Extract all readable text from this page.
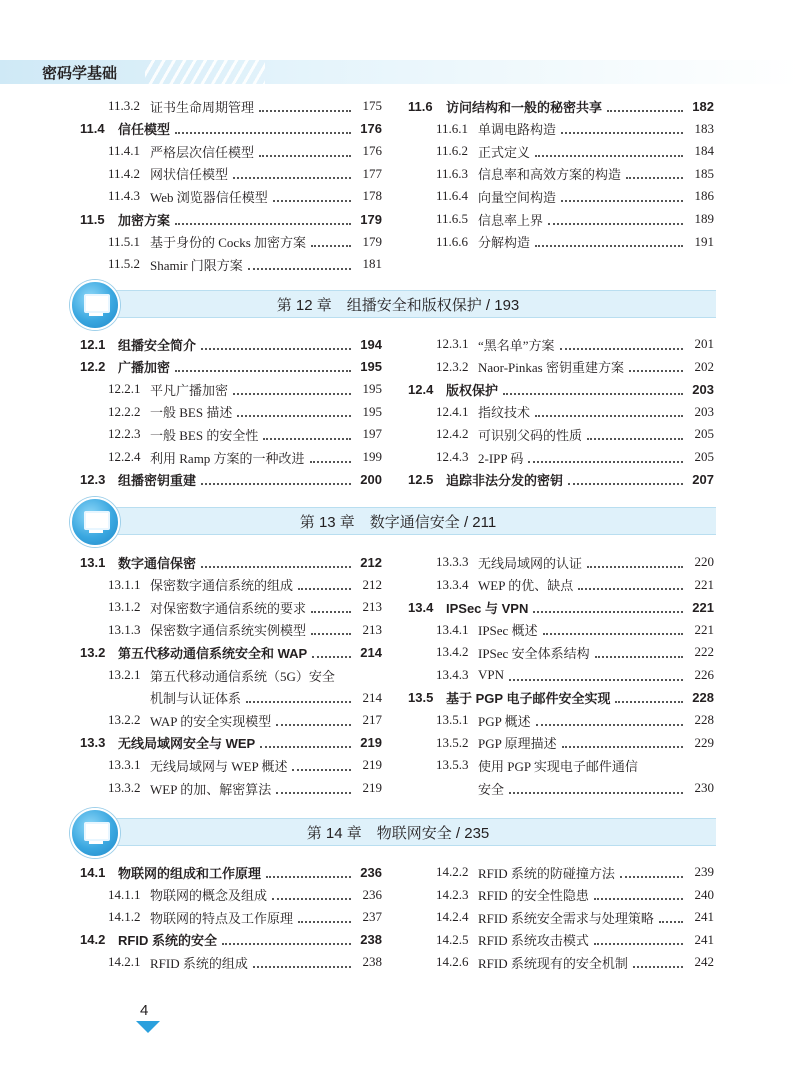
密码学基础
11.3.2 证书生命周期管理	175
11.4	信任模型	176
11.4.1 严格层次信任模型	176
11.4.2 网状信任模型	177
11.4.3 Web 浏览器信任模型	178
11.5	加密方案	179
11.5.1 基于身份的 Cocks 加密方案	179
11.5.2 Shamir 门限方案	181
11.6	访问结构和一般的秘密共享	182
11.6.1 单调电路构造	183
11.6.2 正式定义	184
11.6.3 信息率和高效方案的构造	185
11.6.4 向量空间构造	186
11.6.5 信息率上界	189
11.6.6 分解构造	191
第 12 章　组播安全和版权保护 / 193
12.1 组播安全简介	194
12.2 广播加密	195
12.2.1 平凡广播加密	195
12.2.2 一般 BES 描述	195
12.2.3 一般 BES 的安全性	197
12.2.4 利用 Ramp 方案的一种改进	199
12.3 组播密钥重建	200
12.3.1 “黑名单”方案	201
12.3.2 Naor-Pinkas 密钥重建方案	202
12.4 版权保护	203
12.4.1 指纹技术	203
12.4.2 可识别父码的性质	205
12.4.3 2-IPP 码	205
12.5 追踪非法分发的密钥	207
第 13 章　数字通信安全 / 211
13.1 数字通信保密	212
13.1.1 保密数字通信系统的组成	212
13.1.2 对保密数字通信系统的要求	213
13.1.3 保密数字通信系统实例模型	213
13.2 第五代移动通信系统安全和 WAP	214
13.2.1 第五代移动通信系统（5G）安全
机制与认证体系	214
13.2.2 WAP 的安全实现模型	217
13.3 无线局域网安全与 WEP	219
13.3.1 无线局域网与 WEP 概述	219
13.3.2 WEP 的加、解密算法	219
13.3.3 无线局域网的认证	220
13.3.4 WEP 的优、缺点	221
13.4 IPSec 与 VPN	221
13.4.1 IPSec 概述	221
13.4.2 IPSec 安全体系结构	222
13.4.3 VPN	226
13.5 基于 PGP 电子邮件安全实现	228
13.5.1 PGP 概述	228
13.5.2 PGP 原理描述	229
13.5.3 使用 PGP 实现电子邮件通信
安全	230
第 14 章　物联网安全 / 235
14.1 物联网的组成和工作原理	236
14.1.1 物联网的概念及组成	236
14.1.2 物联网的特点及工作原理	237
14.2 RFID 系统的安全	238
14.2.1 RFID 系统的组成	238
14.2.2 RFID 系统的防碰撞方法	239
14.2.3 RFID 的安全性隐患	240
14.2.4 RFID 系统安全需求与处理策略	241
14.2.5 RFID 系统攻击模式	241
14.2.6 RFID 系统现有的安全机制	242
4
